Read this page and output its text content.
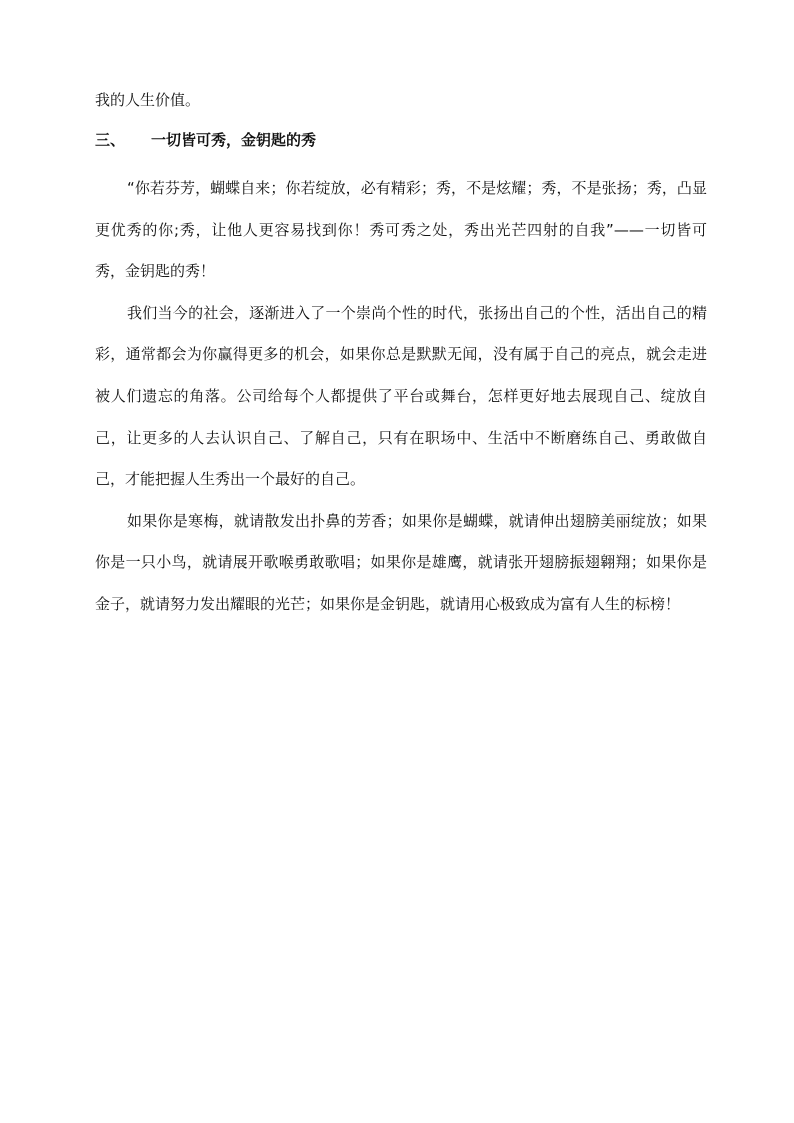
我的人生价值。

三、 一切皆可秀，金钥匙的秀

“你若芬芳，蝴蝶自来；你若绽放，必有精彩；秀，不是炫耀；秀，不是张扬；秀，凸显更优秀的你;秀，让他人更容易找到你！秀可秀之处，秀出光芒四射的自我”——一切皆可秀，金钥匙的秀！

我们当今的社会，逐渐进入了一个崇尚个性的时代，张扬出自己的个性，活出自己的精彩，通常都会为你赢得更多的机会，如果你总是默默无闻，没有属于自己的亮点，就会走进被人们遗忘的角落。公司给每个人都提供了平台或舞台，怎样更好地去展现自己、绽放自己，让更多的人去认识自己、了解自己，只有在职场中、生活中不断磨练自己、勇敢做自己，才能把握人生秀出一个最好的自己。

如果你是寒梅，就请散发出扑鼻的芳香；如果你是蝴蝶，就请伸出翅膀美丽绽放；如果你是一只小鸟，就请展开歌喉勇敢歌唱；如果你是雄鹰，就请张开翅膀振翅翱翔；如果你是金子，就请努力发出耀眼的光芒；如果你是金钥匙，就请用心极致成为富有人生的标榜！
